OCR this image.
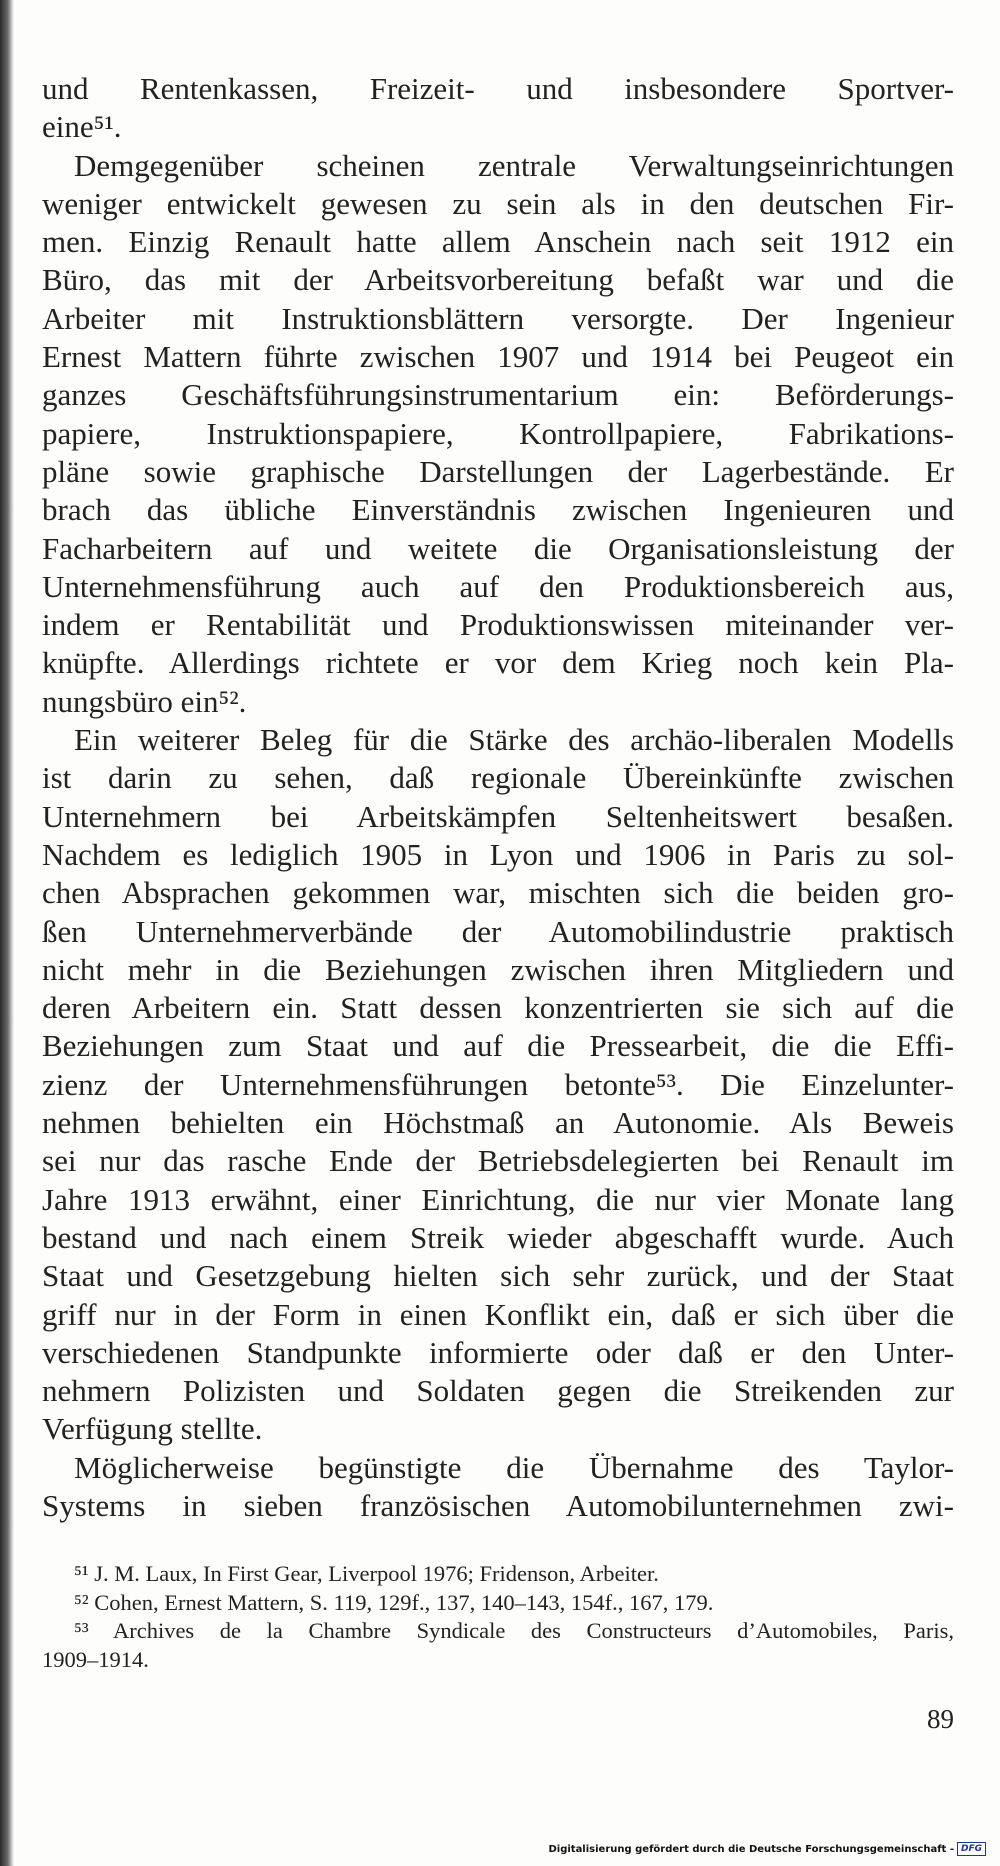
und Rentenkassen, Freizeit- und insbesondere Sportver-
eine⁵¹.
Demgegenüber scheinen zentrale Verwaltungseinrichtungen
weniger entwickelt gewesen zu sein als in den deutschen Fir-
men. Einzig Renault hatte allem Anschein nach seit 1912 ein
Büro, das mit der Arbeitsvorbereitung befaßt war und die
Arbeiter mit Instruktionsblättern versorgte. Der Ingenieur
Ernest Mattern führte zwischen 1907 und 1914 bei Peugeot ein
ganzes Geschäftsführungsinstrumentarium ein: Beförderungs-
papiere, Instruktionspapiere, Kontrollpapiere, Fabrikations-
pläne sowie graphische Darstellungen der Lagerbestände. Er
brach das übliche Einverständnis zwischen Ingenieuren und
Facharbeitern auf und weitete die Organisationsleistung der
Unternehmensführung auch auf den Produktionsbereich aus,
indem er Rentabilität und Produktionswissen miteinander ver-
knüpfte. Allerdings richtete er vor dem Krieg noch kein Pla-
nungsbüro ein⁵².
Ein weiterer Beleg für die Stärke des archäo-liberalen Modells
ist darin zu sehen, daß regionale Übereinkünfte zwischen
Unternehmern bei Arbeitskämpfen Seltenheitswert besaßen.
Nachdem es lediglich 1905 in Lyon und 1906 in Paris zu sol-
chen Absprachen gekommen war, mischten sich die beiden gro-
ßen Unternehmerverbände der Automobilindustrie praktisch
nicht mehr in die Beziehungen zwischen ihren Mitgliedern und
deren Arbeitern ein. Statt dessen konzentrierten sie sich auf die
Beziehungen zum Staat und auf die Pressearbeit, die die Effi-
zienz der Unternehmensführungen betonte⁵³. Die Einzelunter-
nehmen behielten ein Höchstmaß an Autonomie. Als Beweis
sei nur das rasche Ende der Betriebsdelegierten bei Renault im
Jahre 1913 erwähnt, einer Einrichtung, die nur vier Monate lang
bestand und nach einem Streik wieder abgeschafft wurde. Auch
Staat und Gesetzgebung hielten sich sehr zurück, und der Staat
griff nur in der Form in einen Konflikt ein, daß er sich über die
verschiedenen Standpunkte informierte oder daß er den Unter-
nehmern Polizisten und Soldaten gegen die Streikenden zur
Verfügung stellte.
Möglicherweise begünstigte die Übernahme des Taylor-
Systems in sieben französischen Automobilunternehmen zwi-
⁵¹ J. M. Laux, In First Gear, Liverpool 1976; Fridenson, Arbeiter.
⁵² Cohen, Ernest Mattern, S. 119, 129f., 137, 140–143, 154f., 167, 179.
⁵³ Archives de la Chambre Syndicale des Constructeurs d’Automobiles, Paris,
1909–1914.
89
Digitalisierung gefördert durch die Deutsche Forschungsgemeinschaft - DFG
